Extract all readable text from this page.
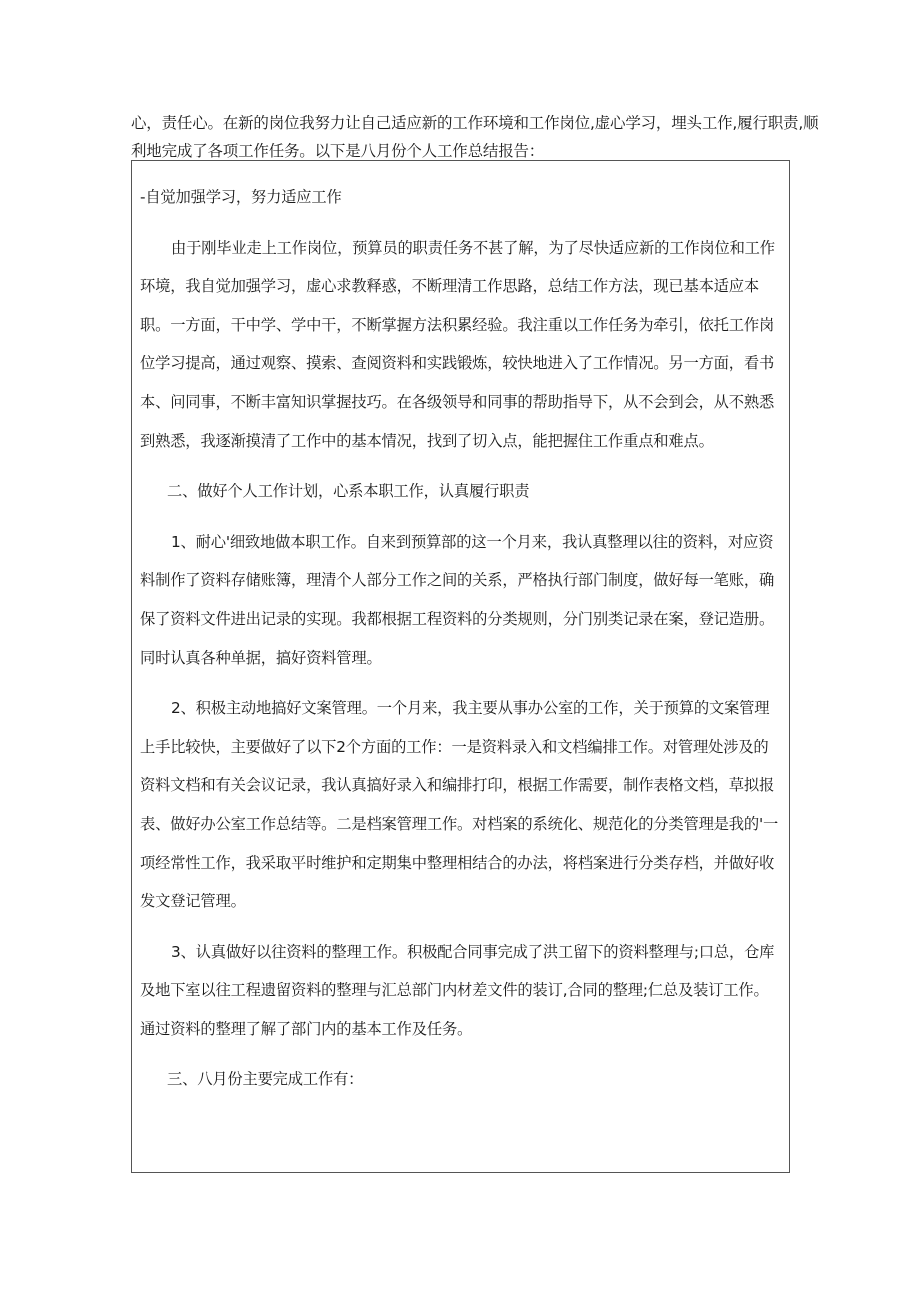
心，责任心。在新的岗位我努力让自己适应新的工作环境和工作岗位,虚心学习，埋头工作,履行职责,顺

利地完成了各项工作任务。以下是八月份个人工作总结报告：

-自觉加强学习，努力适应工作

由于刚毕业走上工作岗位，预算员的职责任务不甚了解，为了尽快适应新的工作岗位和工作环境，我自觉加强学习，虚心求教释惑，不断理清工作思路，总结工作方法，现已基本适应本职。一方面，干中学、学中干，不断掌握方法积累经验。我注重以工作任务为牵引，依托工作岗位学习提高，通过观察、摸索、查阅资料和实践锻炼，较快地进入了工作情况。另一方面，看书本、问同事，不断丰富知识掌握技巧。在各级领导和同事的帮助指导下，从不会到会，从不熟悉到熟悉，我逐渐摸清了工作中的基本情况，找到了切入点，能把握住工作重点和难点。

二、做好个人工作计划，心系本职工作，认真履行职责

1、耐心'细致地做本职工作。自来到预算部的这一个月来，我认真整理以往的资料，对应资料制作了资料存储账簿，理清个人部分工作之间的关系，严格执行部门制度，做好每一笔账，确保了资料文件进出记录的实现。我都根据工程资料的分类规则，分门别类记录在案，登记造册。同时认真各种单据，搞好资料管理。

2、积极主动地搞好文案管理。一个月来，我主要从事办公室的工作，关于预算的文案管理上手比较快，主要做好了以下2个方面的工作：一是资料录入和文档编排工作。对管理处涉及的资料文档和有关会议记录，我认真搞好录入和编排打印，根据工作需要，制作表格文档，草拟报表、做好办公室工作总结等。二是档案管理工作。对档案的系统化、规范化的分类管理是我的'一项经常性工作，我采取平时维护和定期集中整理相结合的办法，将档案进行分类存档，并做好收发文登记管理。

3、认真做好以往资料的整理工作。积极配合同事完成了洪工留下的资料整理与;口总，仓库及地下室以往工程遗留资料的整理与汇总部门内材差文件的装订,合同的整理;仁总及装订工作。通过资料的整理了解了部门内的基本工作及任务。

三、八月份主要完成工作有：
